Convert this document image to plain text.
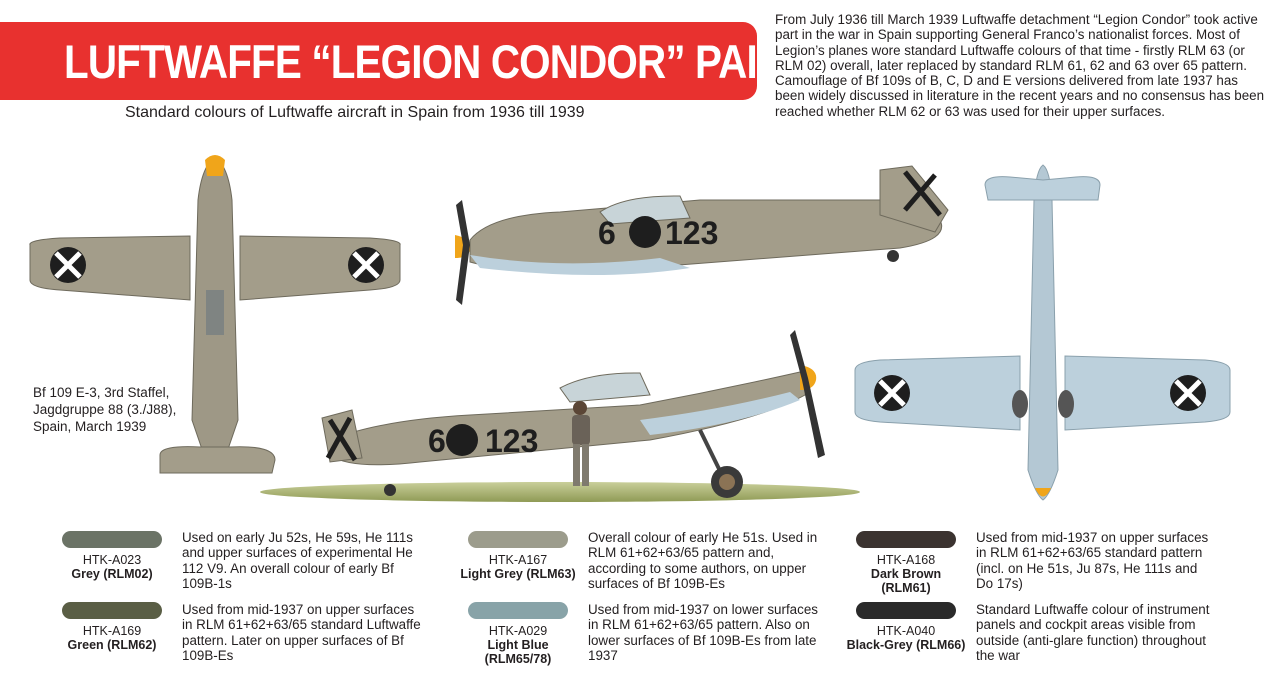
LUFTWAFFE “LEGION CONDOR” PAINT SET
Standard colours of Luftwaffe aircraft in Spain from 1936 till 1939
From July 1936 till March 1939 Luftwaffe detachment “Legion Condor” took active part in the war in Spain supporting General Franco’s nationalist forces. Most of Legion’s planes wore standard Luftwaffe colours of that time - firstly RLM 63 (or RLM 02) overall, later replaced by standard RLM 61, 62 and 63 over 65 pattern. Camouflage of Bf 109s of B, C, D and E versions delivered from late 1937 has been widely discussed in literature in the recent years and no consensus has been reached whether RLM 62 or 63 was used for their upper surfaces.
6 123
6 123
Bf 109 E-3, 3rd Staffel,
Jagdgruppe 88 (3./J88),
Spain, March 1939
HTK-A023
Grey (RLM02)
Used on early Ju 52s, He 59s, He 111s and upper surfaces of experimental He 112 V9. An overall colour of early Bf 109B-1s
HTK-A169
Green (RLM62)
Used from mid-1937 on upper surfaces in RLM 61+62+63/65 standard Luftwaffe pattern. Later on upper surfaces of Bf 109B-Es
HTK-A167
Light Grey (RLM63)
Overall colour of early He 51s. Used in RLM 61+62+63/65 pattern and, according to some authors, on upper surfaces of Bf 109B-Es
HTK-A029
Light Blue (RLM65/78)
Used from mid-1937 on lower surfaces in RLM 61+62+63/65 pattern. Also on lower surfaces of Bf 109B-Es from late 1937
HTK-A168
Dark Brown (RLM61)
Used from mid-1937 on upper surfaces in RLM 61+62+63/65 standard pattern (incl. on He 51s, Ju 87s, He 111s and Do 17s)
HTK-A040
Black-Grey (RLM66)
Standard Luftwaffe colour of instrument panels and cockpit areas visible from outside (anti-glare function) throughout the war
